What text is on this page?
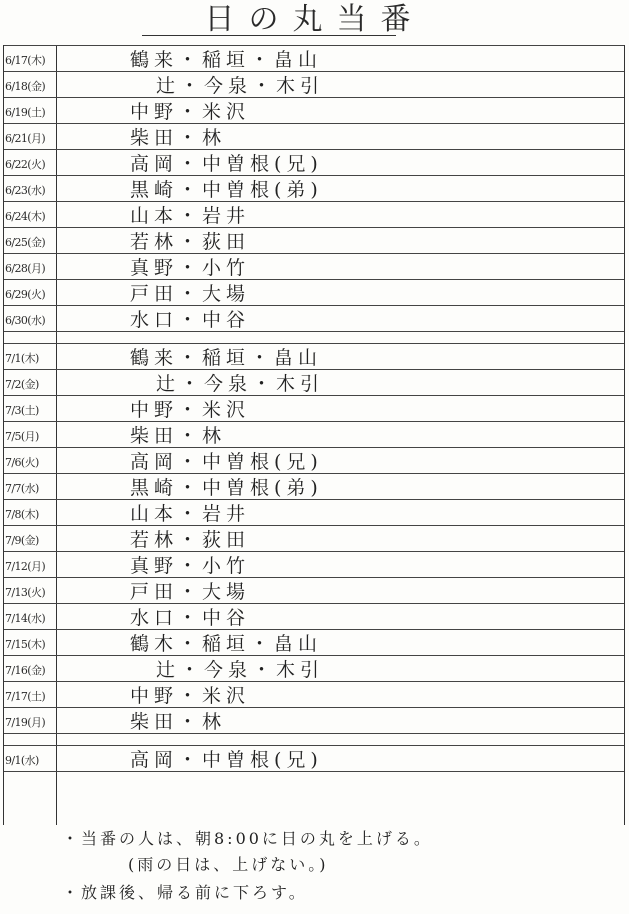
日の丸当番
6/17(木)	鶴来・稲垣・畠山
6/18(金)	辻・今泉・木引
6/19(土)	中野・米沢
6/21(月)	柴田・林
6/22(火)	高岡・中曽根(兄)
6/23(水)	黒崎・中曽根(弟)
6/24(木)	山本・岩井
6/25(金)	若林・荻田
6/28(月)	真野・小竹
6/29(火)	戸田・大場
6/30(水)	水口・中谷
7/1(木)	鶴来・稲垣・畠山
7/2(金)	辻・今泉・木引
7/3(土)	中野・米沢
7/5(月)	柴田・林
7/6(火)	高岡・中曽根(兄)
7/7(水)	黒崎・中曽根(弟)
7/8(木)	山本・岩井
7/9(金)	若林・荻田
7/12(月)	真野・小竹
7/13(火)	戸田・大場
7/14(水)	水口・中谷
7/15(木)	鶴木・稲垣・畠山
7/16(金)	辻・今泉・木引
7/17(土)	中野・米沢
7/19(月)	柴田・林
9/1(水)	高岡・中曽根(兄)
・当番の人は、朝8:00に日の丸を上げる。
(雨の日は、上げない。)
・放課後、帰る前に下ろす。
